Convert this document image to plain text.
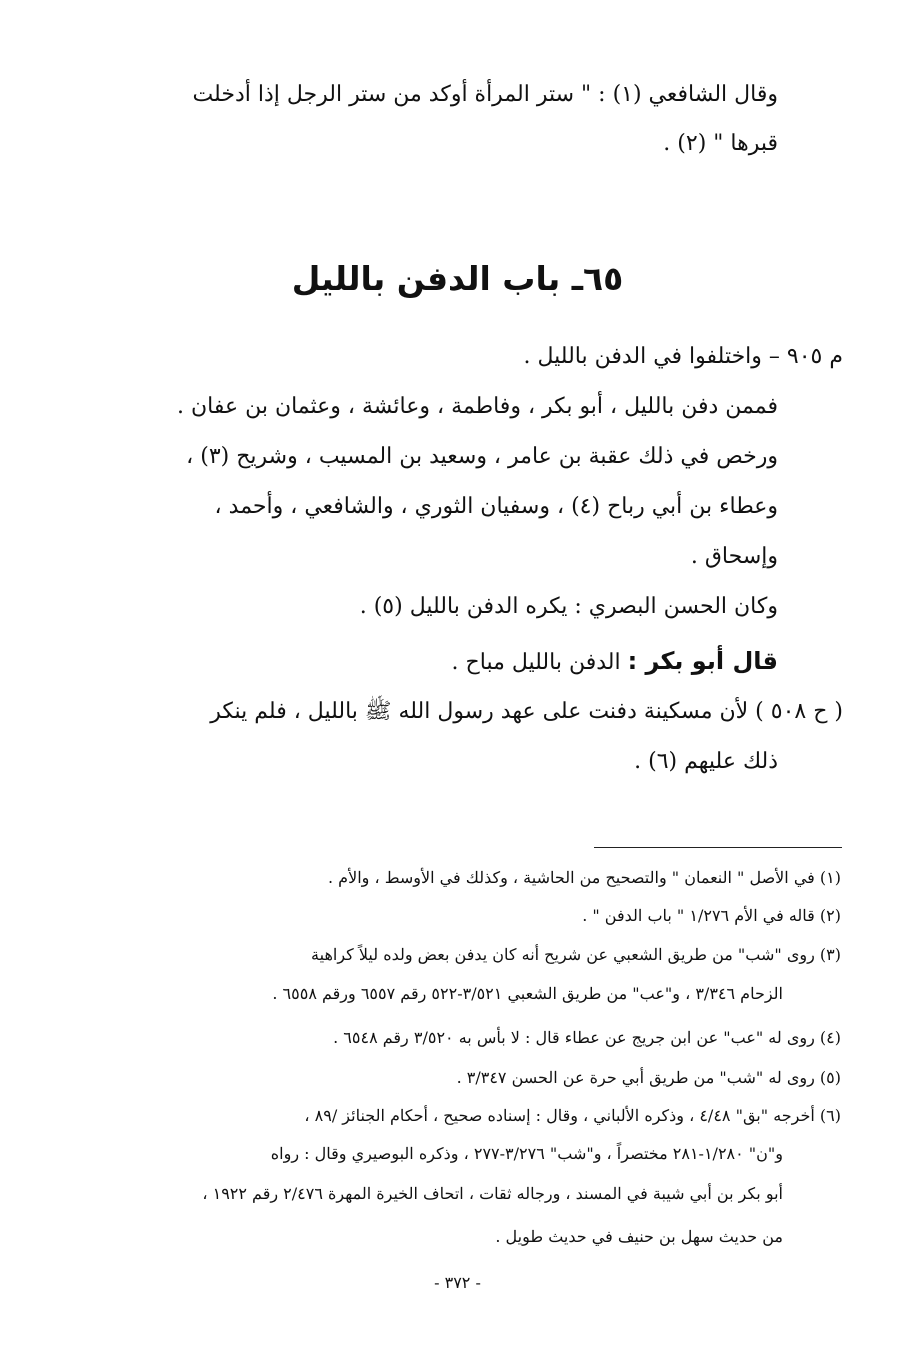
وقال الشافعي (١) : " ستر المرأة أوكد من ستر الرجل إذا أدخلت

قبرها " (٢) .

٦٥ـ باب الدفن بالليل

م ٩٠٥ – واختلفوا في الدفن بالليل .

فممن دفن بالليل ، أبو بكر ، وفاطمة ، وعائشة ، وعثمان بن عفان .

ورخص في ذلك عقبة بن عامر ، وسعيد بن المسيب ، وشريح (٣) ،

وعطاء بن أبي رباح (٤) ، وسفيان الثوري ، والشافعي ، وأحمد ،

وإسحاق .

وكان الحسن البصري : يكره الدفن بالليل (٥) .

قال أبو بكر : الدفن بالليل مباح .

( ح ٥٠٨ ) لأن مسكينة دفنت على عهد رسول الله ﷺ بالليل ، فلم ينكر

ذلك عليهم (٦) .

(١) في الأصل " النعمان " والتصحيح من الحاشية ، وكذلك في الأوسط ، والأم .

(٢) قاله في الأم ١/٢٧٦ " باب الدفن " .

(٣) روى "شب" من طريق الشعبي عن شريح أنه كان يدفن بعض ولده ليلاً كراهية

الزحام ٣/٣٤٦ ، و"عب" من طريق الشعبي ٣/٥٢١-٥٢٢ رقم ٦٥٥٧ ورقم ٦٥٥٨ .

(٤) روى له "عب" عن ابن جريج عن عطاء قال : لا بأس به ٣/٥٢٠ رقم ٦٥٤٨ .

(٥) روى له "شب" من طريق أبي حرة عن الحسن ٣/٣٤٧ .

(٦) أخرجه "بق" ٤/٤٨ ، وذكره الألباني ، وقال : إسناده صحيح ، أحكام الجنائز /٨٩ ،

و"ن" ١/٢٨٠-٢٨١ مختصراً ، و"شب" ٣/٢٧٦-٢٧٧ ، وذكره البوصيري وقال : رواه

أبو بكر بن أبي شيبة في المسند ، ورجاله ثقات ، اتحاف الخيرة المهرة ٢/٤٧٦ رقم ١٩٢٢ ،

من حديث سهل بن حنيف في حديث طويل .

- ٣٧٢ -
